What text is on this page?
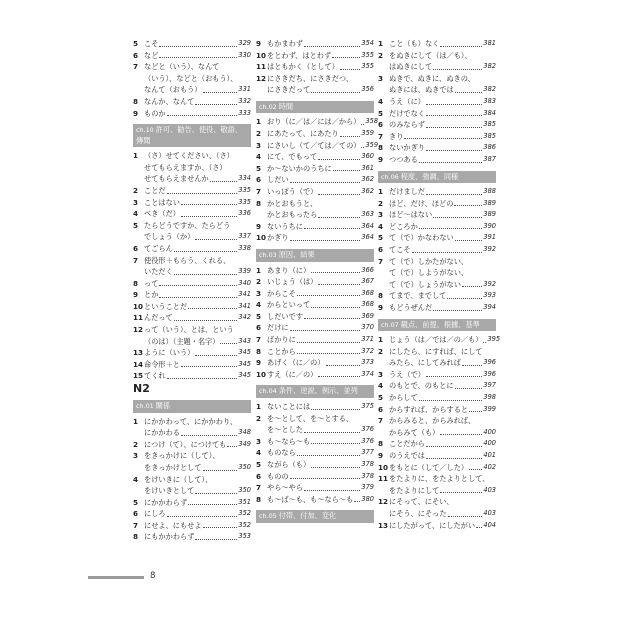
5 こそ	329
6 など	330
7 などと（いう）、なんて
（いう）、などと（おもう）、
なんて（おもう）	331
8 なんか、なんて	332
9 ものか	333
ch.10 許可、勧告、使役、敬語、
傳聞
1 （さ）せてください、（さ）
せてもらえますか、（さ）
せてもらえませんか	334
2 ことだ	335
3 ことはない	335
4 べき（だ）	336
5 たらどうですか、たらどう
でしょう（か）	337
6 てごらん	338
7 使役形＋もらう、くれる、
いただく	339
8 って	340
9 とか	341
10 ということだ	341
11 んだって	342
12 って（いう）、とは、という
（のは）（主題・名字）	343
13 ように（いう）	345
14 命令形＋と	345
15 てくれ	345
N2
ch.01 關係
1 にかかわって、にかかわり、
にかかわる	348
2 につけ（て）、につけても 349
3 をきっかけに（して）、
をきっかけとして	350
4 をけいきに（して）、
をけいきとして	350
5 にかかわらず	351
6 にしろ	352
7 にせよ、にもせよ	352
8 にもかかわらず	353
9 もかまわず	354
10 をとわず、はとわず	355
11 はともかく（として）	355
12 にさきだち、にさきだつ、
にさきだって	356
ch.02 時間
1 おり（に／は／には／から） 358
2 にあたって、にあたり	359
3 にさいし（て／ては／ての） 359
4 にて、でもって	360
5 か～ないかのうちに	361
6 しだい	362
7 いっぽう（で）	362
8 かとおもうと、
かとおもったら	363
9 ないうちに	364
10 かぎり	364
ch.03 原因、結果
1 あまり（に）	366
2 いじょう（は）	367
3 からこそ	368
4 からといって	368
5 しだいです	369
6 だけに	370
7 ばかりに	371
8 ことから	372
9 あげく（に／の）	373
10 すえ（に／の）	374
ch.04 条件、逆説、例示、並列
1 ないことには	375
2 を～として、を～とする、
を～とした	376
3 も～なら～も	376
4 ものなら	377
5 ながら（も）	378
6 ものの	378
7 やら～やら	379
8 も～ば～も、も～なら～も 380
ch.05 付帯、付加、変化
1 こと（も）なく	381
2 をぬきにして（は／も）、
はぬきにして	382
3 ぬきで、ぬきに、ぬきの、
ぬきには、ぬきでは	382
4 うえ（に）	383
5 だけでなく	384
6 のみならず	385
7 きり	385
8 ないかぎり	386
9 つつある	387
ch.06 程度、強調、同様
1 だけましだ	388
2 ほど、だけ、ほどの	389
3 ほど～はない	389
4 どころか	390
5 て（で）かなわない	391
6 てこそ	392
7 て（で）しかたがない、
て（で）しようがない、
て（で）しょうがない	392
8 てまで、までして	393
9 もどうぜんだ	394
ch.07 観点、前提、根據、基準
1 じょう（は／では／の／も） 395
2 にしたら、にすれば、にして
みたら、にしてみれば	396
3 うえ（で）	396
4 のもとで、のもとに	397
5 からして	398
6 からすれば、からすると 399
7 からみると、からみれば、
からみて（も）	400
8 ことだから	400
9 のうえでは	401
10 をもとに（して／した） 402
11 をたよりに、をたよりとして、
をたよりにして	403
12 にそって、にそい、
にそう、にそった	403
13 にしたがって、にしたがい 404
8
